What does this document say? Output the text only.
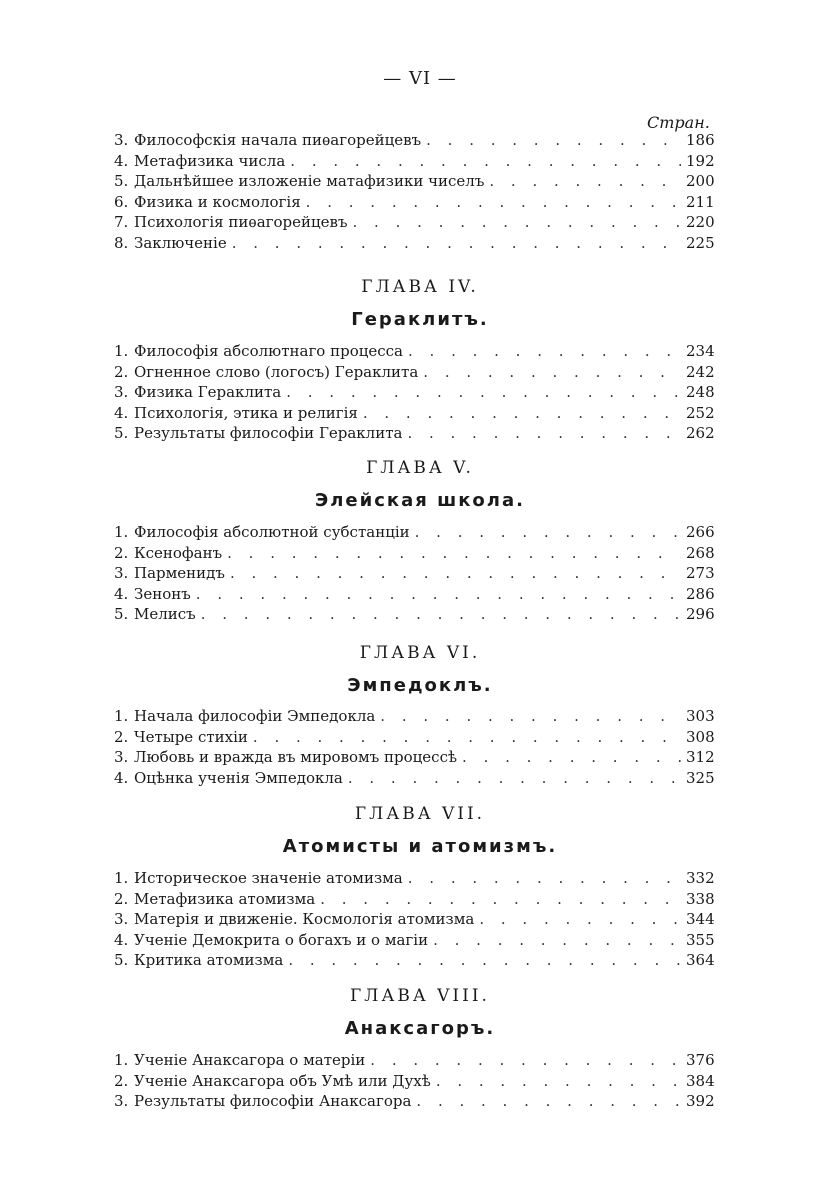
— VI —
Стран.
3. Философскія начала пиѳагорейцевъ . . .	186
4. Метафизика числа . . .	192
5. Дальнѣйшее изложеніе матафизики чиселъ . . .	200
6. Физика и космологія . . .	211
7. Психологія пиѳагорейцевъ . . .	220
8. Заключеніе . . .	225
ГЛАВА IV.
Гераклитъ.
1. Философія абсолютнаго процесса . . .	234
2. Огненное слово (логосъ) Гераклита . . .	242
3. Физика Гераклита . . .	248
4. Психологія, этика и религія . . .	252
5. Результаты философіи Гераклита . . .	262
ГЛАВА V.
Элейская школа.
1. Философія абсолютной субстанціи . . .	266
2. Ксенофанъ . . .	268
3. Парменидъ . . .	273
4. Зенонъ . . .	286
5. Мелисъ . . .	296
ГЛАВА VI.
Эмпедоклъ.
1. Начала философіи Эмпедокла . . .	303
2. Четыре стихіи . . .	308
3. Любовь и вражда въ мировомъ процессѣ . . .	312
4. Оцѣнка ученія Эмпедокла . . .	325
ГЛАВА VII.
Атомисты и атомизмъ.
1. Историческое значеніе атомизма . . .	332
2. Метафизика атомизма . . .	338
3. Матерія и движеніе. Космологія атомизма . . .	344
4. Ученіе Демокрита о богахъ и о магіи . . .	355
5. Критика атомизма . . .	364
ГЛАВА VIII.
Анаксагоръ.
1. Ученіе Анаксагора о матеріи . . .	376
2. Ученіе Анаксагора объ Умѣ или Духѣ . . .	384
3. Результаты философіи Анаксагора . . .	392
